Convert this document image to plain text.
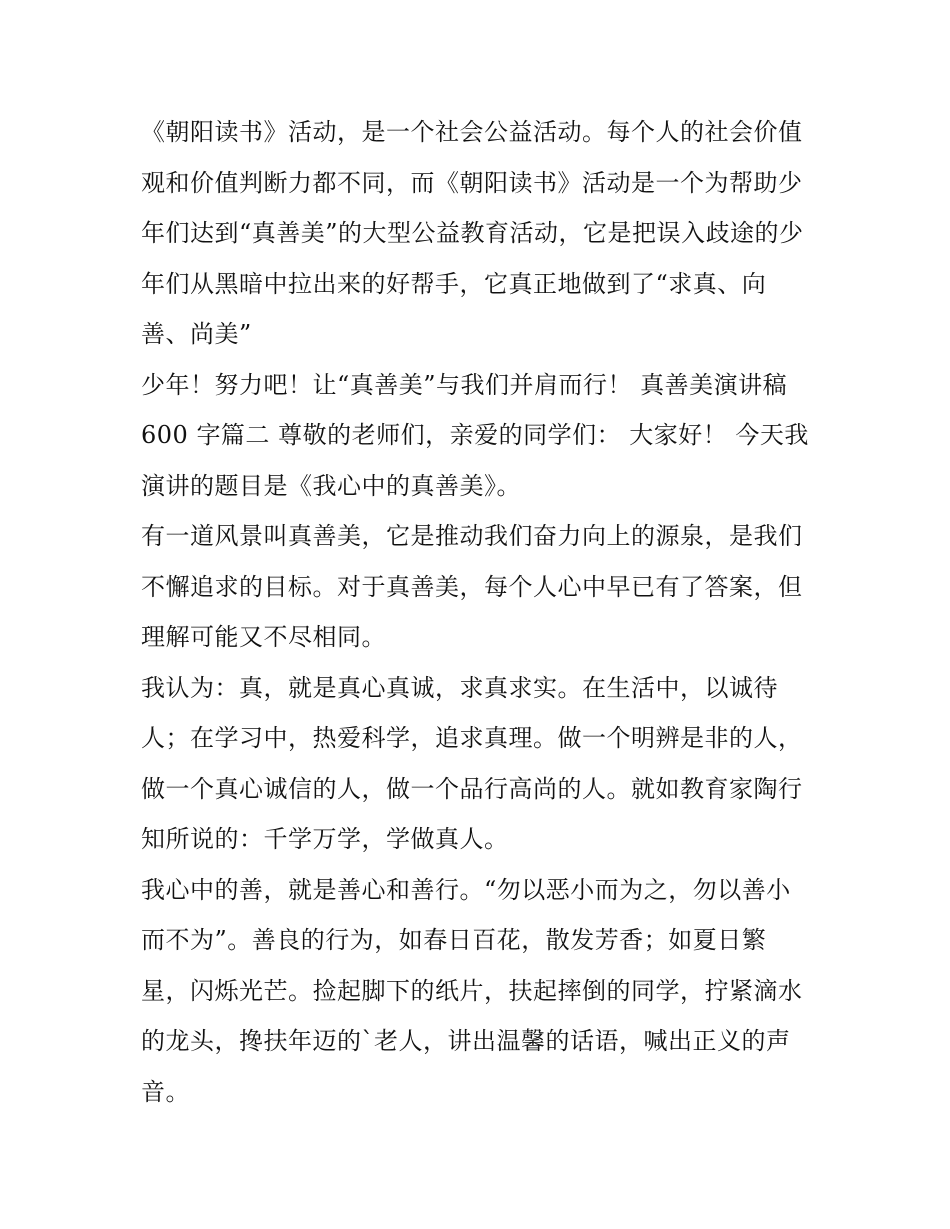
《朝阳读书》活动，是一个社会公益活动。每个人的社会价值
观和价值判断力都不同，而《朝阳读书》活动是一个为帮助少
年们达到“真善美”的大型公益教育活动，它是把误入歧途的少
年们从黑暗中拉出来的好帮手，它真正地做到了“求真、向
善、尚美”
少年！努力吧！让“真善美”与我们并肩而行！ 真善美演讲稿
600 字篇二 尊敬的老师们，亲爱的同学们： 大家好！ 今天我
演讲的题目是《我心中的真善美》。
有一道风景叫真善美，它是推动我们奋力向上的源泉，是我们
不懈追求的目标。对于真善美，每个人心中早已有了答案，但
理解可能又不尽相同。
我认为：真，就是真心真诚，求真求实。在生活中，以诚待
人；在学习中，热爱科学，追求真理。做一个明辨是非的人，
做一个真心诚信的人，做一个品行高尚的人。就如教育家陶行
知所说的：千学万学，学做真人。
我心中的善，就是善心和善行。“勿以恶小而为之，勿以善小
而不为”。善良的行为，如春日百花，散发芳香；如夏日繁
星，闪烁光芒。捡起脚下的纸片，扶起摔倒的同学，拧紧滴水
的龙头，搀扶年迈的`老人，讲出温馨的话语，喊出正义的声
音。
